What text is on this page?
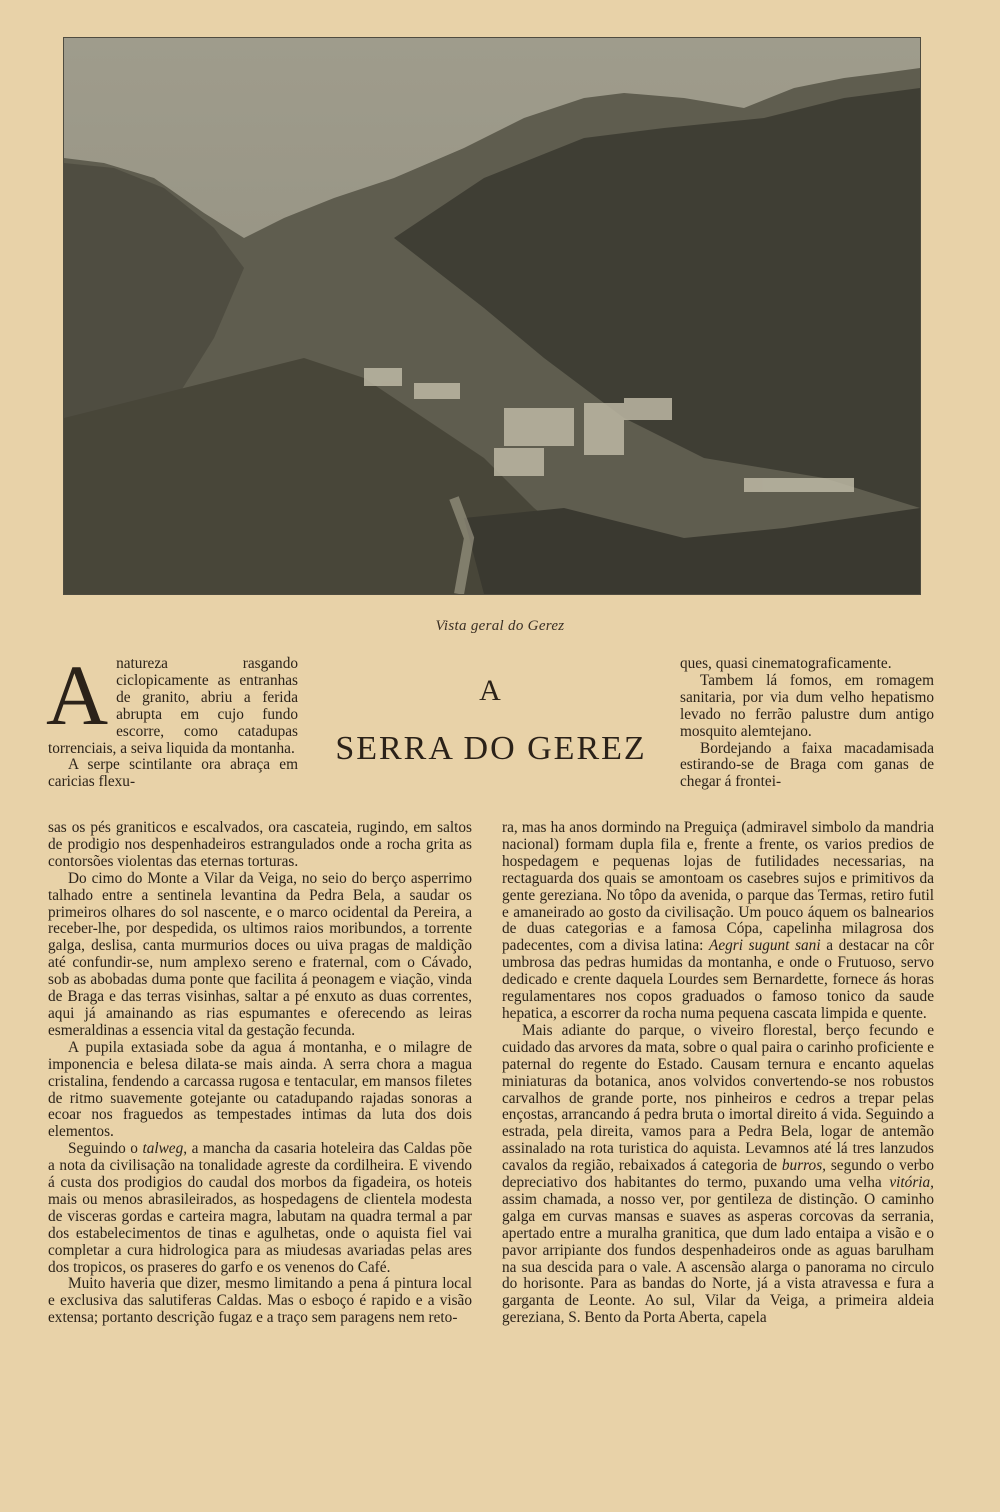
Vista geral do Gerez
A
SERRA DO GEREZ

Anatureza rasgando ciclopicamente as entranhas de granito, abriu a ferida abrupta em cujo fundo escorre, como catadupas torrenciais, a seiva liquida da montanha.

A serpe scintilante ora abraça em caricias flexu-

ques, quasi cinematograficamente.

Tambem lá fomos, em romagem sanitaria, por via dum velho hepatismo levado no ferrão palustre dum antigo mosquito alemtejano.

Bordejando a faixa macadamisada estirando-se de Braga com ganas de chegar á frontei-

sas os pés graniticos e escalvados, ora cascateia, rugindo, em saltos de prodigio nos despenhadeiros estrangulados onde a rocha grita as contorsões violentas das eternas torturas.

Do cimo do Monte a Vilar da Veiga, no seio do berço asperrimo talhado entre a sentinela levantina da Pedra Bela, a saudar os primeiros olhares do sol nascente, e o marco ocidental da Pereira, a receber-lhe, por despedida, os ultimos raios moribundos, a torrente galga, deslisa, canta murmurios doces ou uiva pragas de maldição até confundir-se, num amplexo sereno e fraternal, com o Cávado, sob as abobadas duma ponte que facilita á peonagem e viação, vinda de Braga e das terras visinhas, saltar a pé enxuto as duas correntes, aqui já amainando as rias espumantes e oferecendo as leiras esmeraldinas a essencia vital da gestação fecunda.

A pupila extasiada sobe da agua á montanha, e o milagre de imponencia e belesa dilata-se mais ainda. A serra chora a magua cristalina, fendendo a carcassa rugosa e tentacular, em mansos filetes de ritmo suavemente gotejante ou catadupando rajadas sonoras a ecoar nos fraguedos as tempestades intimas da luta dos dois elementos.

Seguindo o talweg, a mancha da casaria hoteleira das Caldas põe a nota da civilisação na tonalidade agreste da cordilheira. E vivendo á custa dos prodigios do caudal dos morbos da figadeira, os hoteis mais ou menos abrasileirados, as hospedagens de clientela modesta de visceras gordas e carteira magra, labutam na quadra termal a par dos estabelecimentos de tinas e agulhetas, onde o aquista fiel vai completar a cura hidrologica para as miudesas avariadas pelas ares dos tropicos, os praseres do garfo e os venenos do Café.

Muito haveria que dizer, mesmo limitando a pena á pintura local e exclusiva das salutiferas Caldas. Mas o esboço é rapido e a visão extensa; portanto descrição fugaz e a traço sem paragens nem reto-

ra, mas ha anos dormindo na Preguiça (admiravel simbolo da mandria nacional) formam dupla fila e, frente a frente, os varios predios de hospedagem e pequenas lojas de futilidades necessarias, na rectaguarda dos quais se amontoam os casebres sujos e primitivos da gente gereziana. No tôpo da avenida, o parque das Termas, retiro futil e amaneirado ao gosto da civilisação. Um pouco áquem os balnearios de duas categorias e a famosa Cópa, capelinha milagrosa dos padecentes, com a divisa latina: Aegri sugunt sani a destacar na côr umbrosa das pedras humidas da montanha, e onde o Frutuoso, servo dedicado e crente daquela Lourdes sem Bernardette, fornece ás horas regulamentares nos copos graduados o famoso tonico da saude hepatica, a escorrer da rocha numa pequena cascata limpida e quente.

Mais adiante do parque, o viveiro florestal, berço fecundo e cuidado das arvores da mata, sobre o qual paira o carinho proficiente e paternal do regente do Estado. Causam ternura e encanto aquelas miniaturas da botanica, anos volvidos convertendo-se nos robustos carvalhos de grande porte, nos pinheiros e cedros a trepar pelas ençostas, arrancando á pedra bruta o imortal direito á vida. Seguindo a estrada, pela direita, vamos para a Pedra Bela, logar de antemão assinalado na rota turistica do aquista. Levamnos até lá tres lanzudos cavalos da região, rebaixados á categoria de burros, segundo o verbo depreciativo dos habitantes do termo, puxando uma velha vitória, assim chamada, a nosso ver, por gentileza de distinção. O caminho galga em curvas mansas e suaves as asperas corcovas da serrania, apertado entre a muralha granitica, que dum lado entaipa a visão e o pavor arripiante dos fundos despenhadeiros onde as aguas barulham na sua descida para o vale. A ascensão alarga o panorama no circulo do horisonte. Para as bandas do Norte, já a vista atravessa e fura a garganta de Leonte. Ao sul, Vilar da Veiga, a primeira aldeia gereziana, S. Bento da Porta Aberta, capela
